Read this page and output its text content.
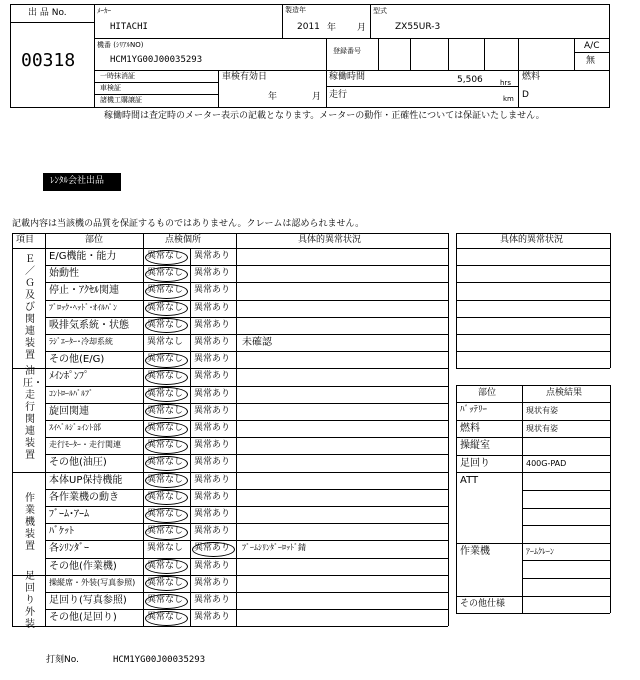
出 品 No.
00318
ﾒｰｶｰ
HITACHI
製造年
2011 年 月
型式
ZX55UR-3
機番 (ｼﾘｱﾙNO)
HCM1YG00J00035293
登録番号	A/C
無
一時抹消証
車検証
諸機工購譲証
車検有効日
年	月
稼働時間	5,506 hrs
走行	km
燃料
D
稼働時間は査定時のメーター表示の記載となります。メーターの動作・正確性については保証いたしません。
ﾚﾝﾀﾙ会社出品
記載内容は当該機の品質を保証するものではありません。クレームは認められません。
項目	部位	点検個所	具体的異常状況
Ｅ／Ｇ及び関連装置
油圧・走行関連装置
作業機装置
足回り外装
E/G機能・能力	異常なし 異常あり
始動性	異常なし 異常あり
停止・ｱｸｾﾙ関連	異常なし 異常あり
ﾌﾞﾛｯｸ･ﾍｯﾄﾞ･ｵｲﾙﾊﾟﾝ	異常なし 異常あり
吸排気系統・状態 異常なし 異常あり
ﾗｼﾞｴｰﾀｰ･冷却系統	異常なし 異常あり 未確認
その他(E/G)	異常なし 異常あり
ﾒｲﾝﾎﾟﾝﾌﾟ	異常なし 異常あり
ｺﾝﾄﾛｰﾙﾊﾞﾙﾌﾞ	異常なし 異常あり
旋回関連	異常なし 異常あり
ｽｲﾍﾞﾙｼﾞｮｲﾝﾄ部	異常なし 異常あり
走行ﾓｰﾀｰ・走行関連	異常なし 異常あり
その他(油圧)	異常なし 異常あり
本体UP保持機能	異常なし 異常あり
各作業機の動き	異常なし 異常あり
ﾌﾞｰﾑ･ｱｰﾑ	異常なし 異常あり
ﾊﾞｹｯﾄ	異常なし 異常あり
各ｼﾘﾝﾀﾞｰ	異常なし 異常あり ﾌﾞｰﾑｼﾘﾝﾀﾞｰﾛｯﾄﾞ錆
その他(作業機)	異常なし 異常あり
操縦席・外装(写真参照) 異常なし 異常あり
足回り(写真参照) 異常なし 異常あり
その他(足回り)	異常なし 異常あり
具体的異常状況
部位	点検結果
ﾊﾞｯﾃﾘｰ	現状有姿
燃料	現状有姿
操縦室
足回り	400G-PAD
ATT
作業機	ｱｰﾑｸﾚｰﾝ
その他仕様
打刻No.	HCM1YG00J00035293
